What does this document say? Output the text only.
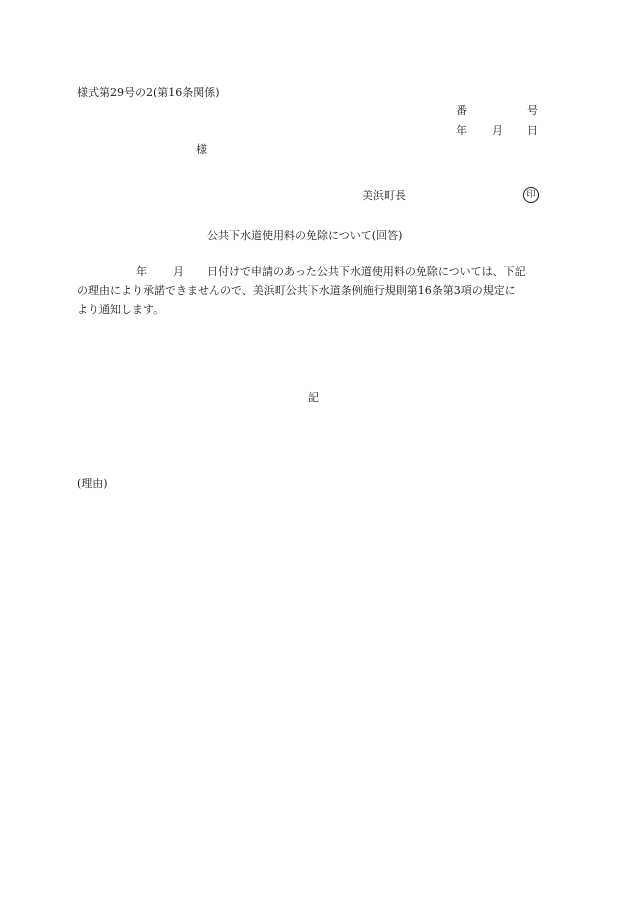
様式第29号の2(第16条関係)
番	号
年 月 日
様
美浜町長	印
公共下水道使用料の免除について(回答)
年 月 日付けで申請のあった公共下水道使用料の免除については、下記
の理由により承諾できませんので、美浜町公共下水道条例施行規則第16条第3項の規定に
より通知します。
記
(理由)
